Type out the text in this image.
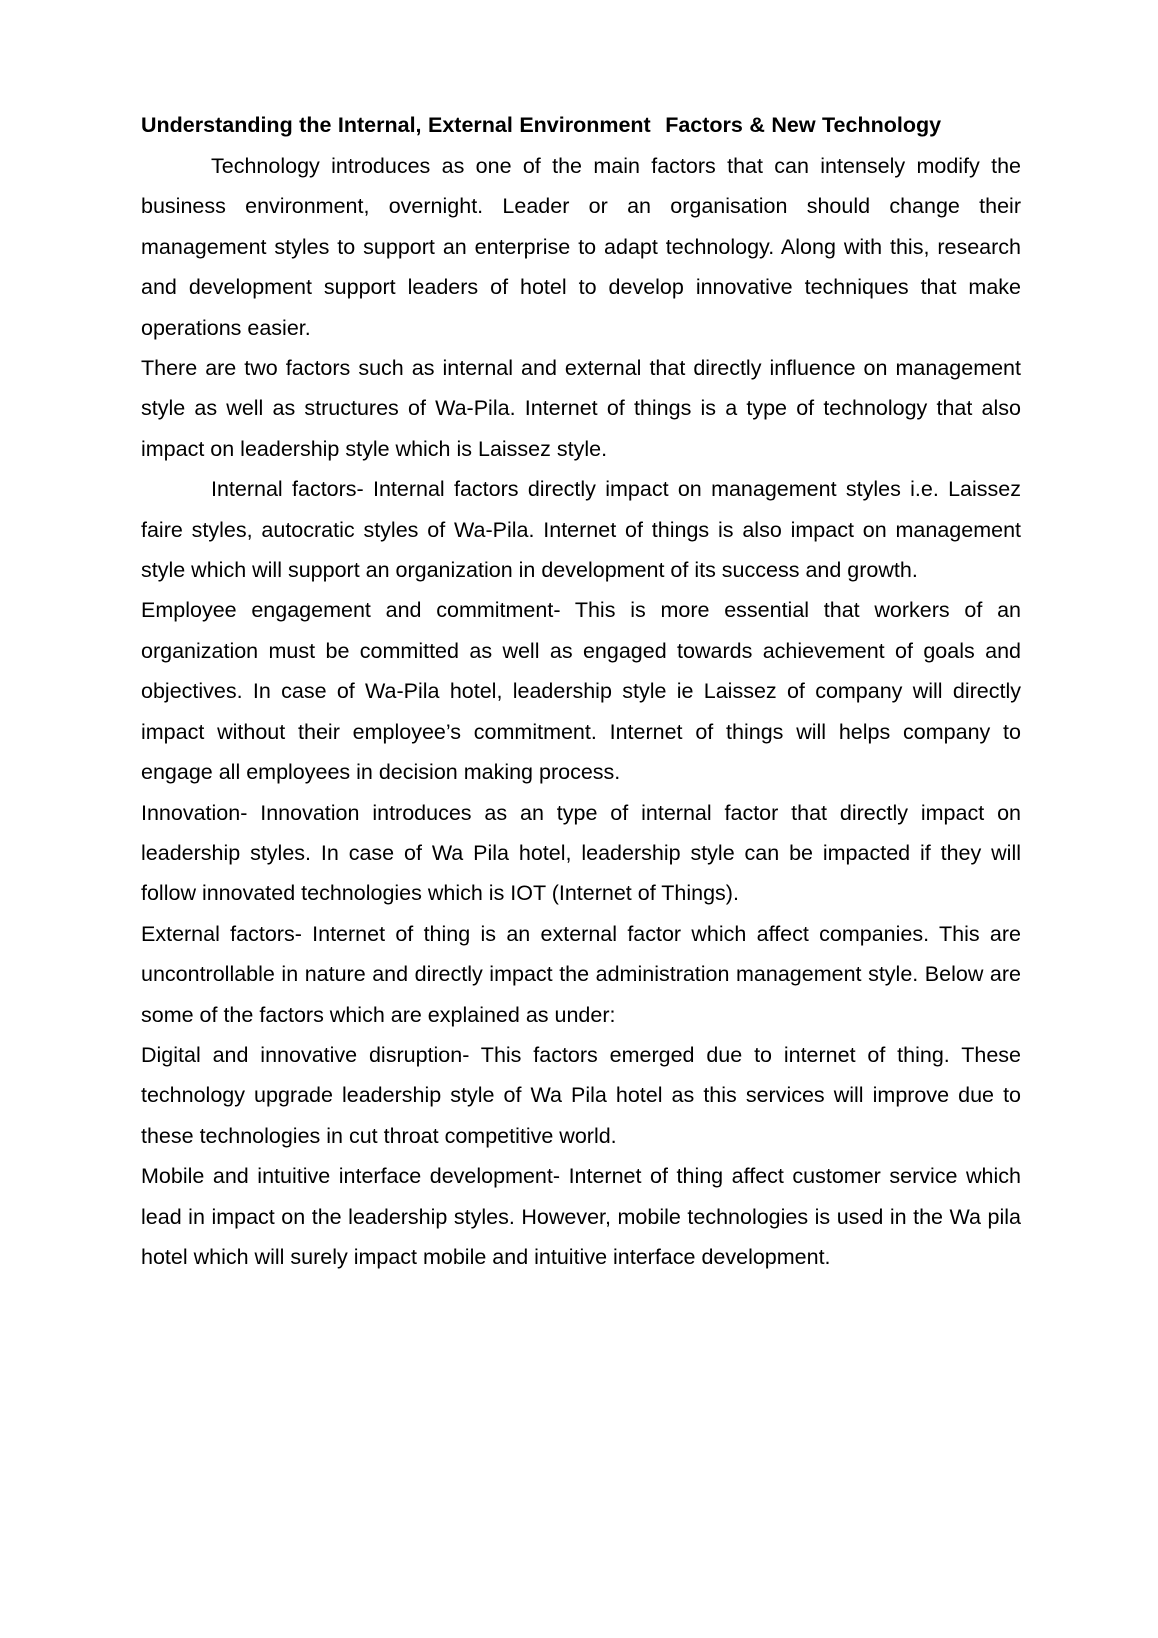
Understanding the Internal, External Environment Factors & New Technology

Technology introduces as one of the main factors that can intensely modify the business environment, overnight. Leader or an organisation should change their management styles to support an enterprise to adapt technology. Along with this, research and development support leaders of hotel to develop innovative techniques that make operations easier.

There are two factors such as internal and external that directly influence on management style as well as structures of Wa-Pila. Internet of things is a type of technology that also impact on leadership style which is Laissez style.

Internal factors- Internal factors directly impact on management styles i.e. Laissez faire styles, autocratic styles of Wa-Pila. Internet of things is also impact on management style which will support an organization in development of its success and growth.

Employee engagement and commitment- This is more essential that workers of an organization must be committed as well as engaged towards achievement of goals and objectives. In case of Wa-Pila hotel, leadership style ie Laissez of company will directly impact without their employee’s commitment. Internet of things will helps company to engage all employees in decision making process.

Innovation- Innovation introduces as an type of internal factor that directly impact on leadership styles. In case of Wa Pila hotel, leadership style can be impacted if they will follow innovated technologies which is IOT (Internet of Things).

External factors- Internet of thing is an external factor which affect companies. This are uncontrollable in nature and directly impact the administration management style. Below are some of the factors which are explained as under:

Digital and innovative disruption- This factors emerged due to internet of thing. These technology upgrade leadership style of Wa Pila hotel as this services will improve due to these technologies in cut throat competitive world.

Mobile and intuitive interface development- Internet of thing affect customer service which lead in impact on the leadership styles. However, mobile technologies is used in the Wa pila hotel which will surely impact mobile and intuitive interface development.
